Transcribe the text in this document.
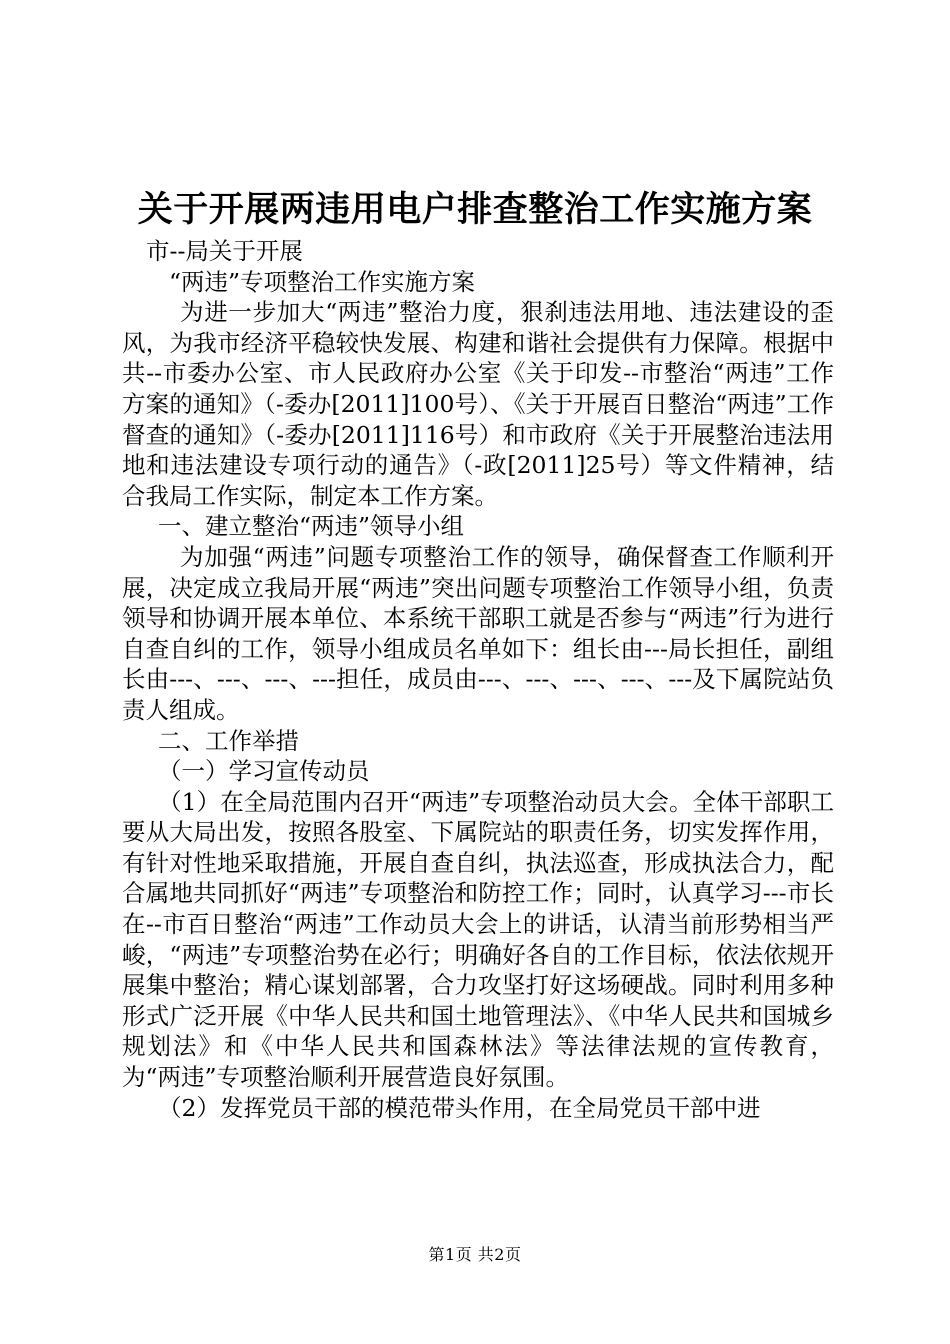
关于开展两违用电户排查整治工作实施方案

市--局关于开展

“两违”专项整治工作实施方案

为进一步加大“两违”整治力度，狠刹违法用地、违法建设的歪风，为我市经济平稳较快发展、构建和谐社会提供有力保障。根据中共--市委办公室、市人民政府办公室《关于印发--市整治“两违”工作方案的通知》（-委办[2011]100号）、《关于开展百日整治“两违”工作督查的通知》（-委办[2011]116号）和市政府《关于开展整治违法用地和违法建设专项行动的通告》（-政[2011]25号）等文件精神，结合我局工作实际，制定本工作方案。

一、建立整治“两违”领导小组

为加强“两违”问题专项整治工作的领导，确保督查工作顺利开展，决定成立我局开展“两违”突出问题专项整治工作领导小组，负责领导和协调开展本单位、本系统干部职工就是否参与“两违”行为进行自查自纠的工作，领导小组成员名单如下：组长由---局长担任，副组长由---、---、---、---担任，成员由---、---、---、---、---及下属院站负责人组成。

二、工作举措

（一）学习宣传动员

（1）在全局范围内召开“两违”专项整治动员大会。全体干部职工要从大局出发，按照各股室、下属院站的职责任务，切实发挥作用，有针对性地采取措施，开展自查自纠，执法巡查，形成执法合力，配合属地共同抓好“两违”专项整治和防控工作；同时，认真学习---市长在--市百日整治“两违”工作动员大会上的讲话，认清当前形势相当严峻，“两违”专项整治势在必行；明确好各自的工作目标，依法依规开展集中整治；精心谋划部署，合力攻坚打好这场硬战。同时利用多种形式广泛开展《中华人民共和国土地管理法》、《中华人民共和国城乡规划法》和《中华人民共和国森林法》等法律法规的宣传教育，为“两违”专项整治顺利开展营造良好氛围。

（2）发挥党员干部的模范带头作用，在全局党员干部中进

第1页 共2页
